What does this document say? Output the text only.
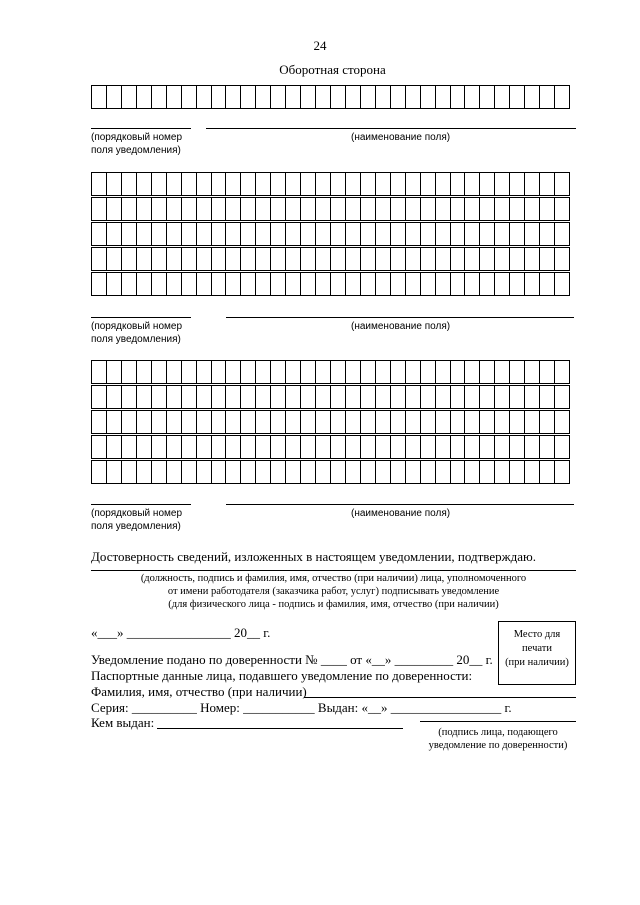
24
Оборотная сторона
(порядковый номер
поля уведомления)
(наименование поля)
(порядковый номер
поля уведомления)
(наименование поля)
(порядковый номер
поля уведомления)
(наименование поля)
Достоверность сведений, изложенных в настоящем уведомлении, подтверждаю.
(должность, подпись и фамилия, имя, отчество (при наличии) лица, уполномоченного
от имени работодателя (заказчика работ, услуг) подписывать уведомление
(для физического лица - подпись и фамилия, имя, отчество (при наличии)
«___» ________________ 20__ г.	Место для
печати
(при наличии)
Уведомление подано по доверенности № ____ от «__» _________ 20__ г.
Паспортные данные лица, подавшего уведомление по доверенности:
Фамилия, имя, отчество (при наличии)
Серия: __________ Номер: ___________ Выдан: «__» _________________ г.
Кем выдан:
(подпись лица, подающего
уведомление по доверенности)
